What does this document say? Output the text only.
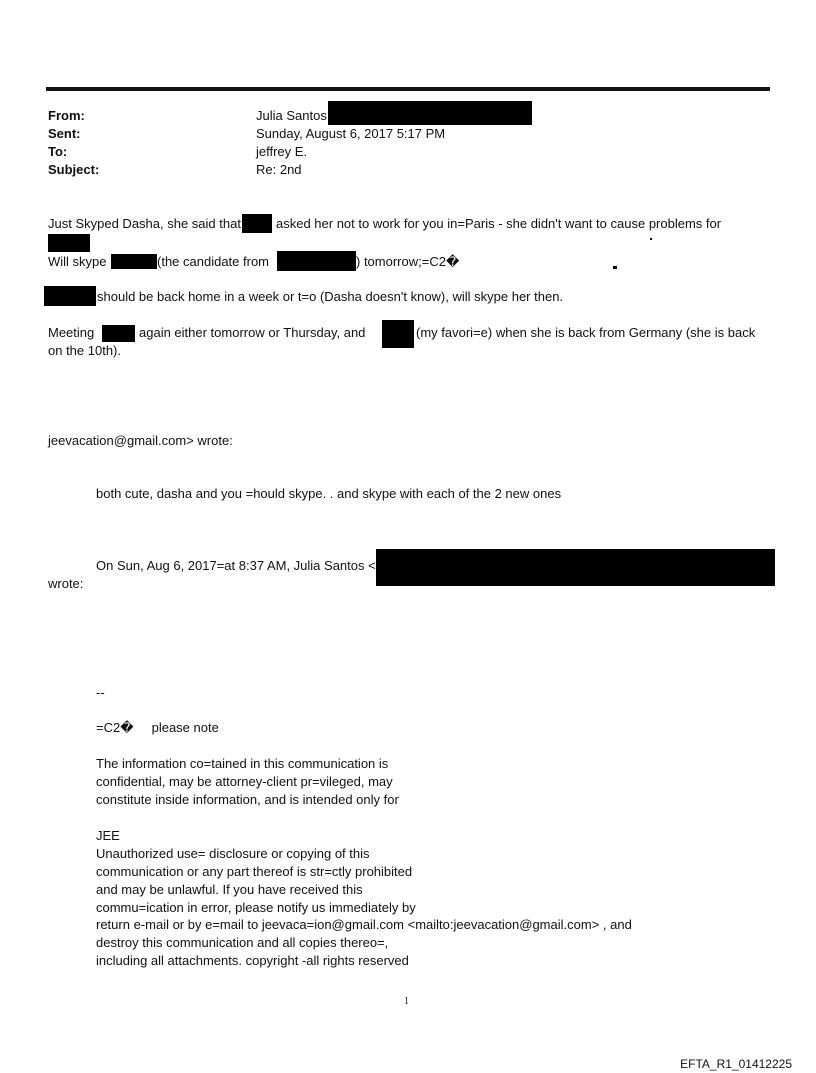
From:	Julia Santos
Sent:	Sunday, August 6, 2017 5:17 PM
To:	jeffrey E.
Subject:	Re: 2nd
Just Skyped Dasha, she said that	asked her not to work for you in=Paris - she didn't want to cause problems for
Will skype	(the candidate from	) tomorrow;=C2�
should be back home in a week or t=o (Dasha doesn't know), will skype her then.
Meeting	again either tomorrow or Thursday, and	(my favori=e) when she is back from Germany (she is back
on the 10th).
jeevacation@gmail.com> wrote:
both cute, dasha and you =hould skype. . and skype with each of the 2 new ones
On Sun, Aug 6, 2017=at 8:37 AM, Julia Santos <
wrote:
--
=C2�     please note
The information co=tained in this communication is
confidential, may be attorney-client pr=vileged, may
constitute inside information, and is intended only for
JEE
Unauthorized use= disclosure or copying of this
communication or any part thereof is str=ctly prohibited
and may be unlawful. If you have received this
commu=ication in error, please notify us immediately by
return e-mail or by e=mail to jeevaca=ion@gmail.com <mailto:jeevacation@gmail.com> , and
destroy this communication and all copies thereo=,
including all attachments. copyright -all rights reserved
1
EFTA_R1_01412225
